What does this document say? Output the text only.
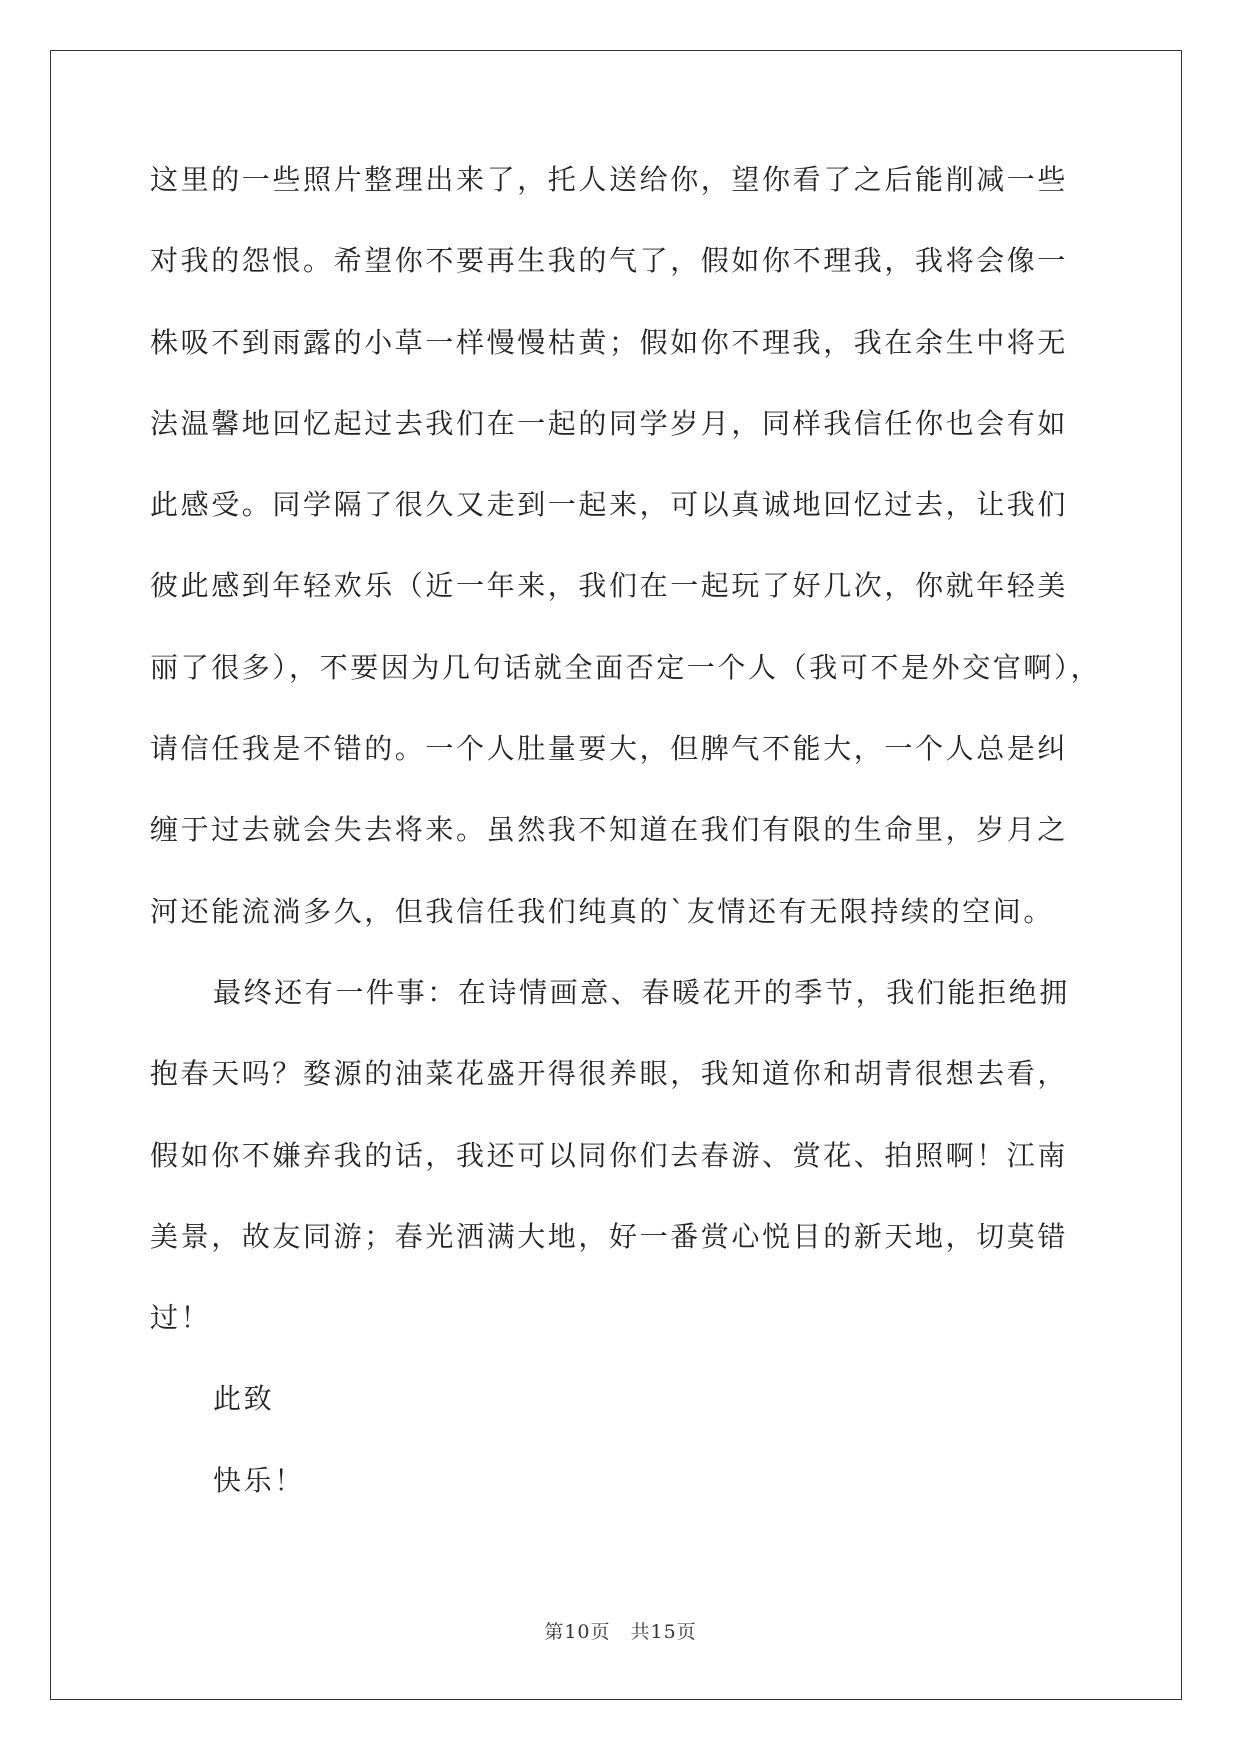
这里的一些照片整理出来了，托人送给你，望你看了之后能削减一些
对我的怨恨。希望你不要再生我的气了，假如你不理我，我将会像一
株吸不到雨露的小草一样慢慢枯黄；假如你不理我，我在余生中将无
法温馨地回忆起过去我们在一起的同学岁月，同样我信任你也会有如
此感受。同学隔了很久又走到一起来，可以真诚地回忆过去，让我们
彼此感到年轻欢乐（近一年来，我们在一起玩了好几次，你就年轻美
丽了很多），不要因为几句话就全面否定一个人（我可不是外交官啊），
请信任我是不错的。一个人肚量要大，但脾气不能大，一个人总是纠
缠于过去就会失去将来。虽然我不知道在我们有限的生命里，岁月之
河还能流淌多久，但我信任我们纯真的`友情还有无限持续的空间。
最终还有一件事：在诗情画意、春暖花开的季节，我们能拒绝拥
抱春天吗？婺源的油菜花盛开得很养眼，我知道你和胡青很想去看，
假如你不嫌弃我的话，我还可以同你们去春游、赏花、拍照啊！江南
美景，故友同游；春光洒满大地，好一番赏心悦目的新天地，切莫错
过！
此致
快乐！
第10页　共15页
